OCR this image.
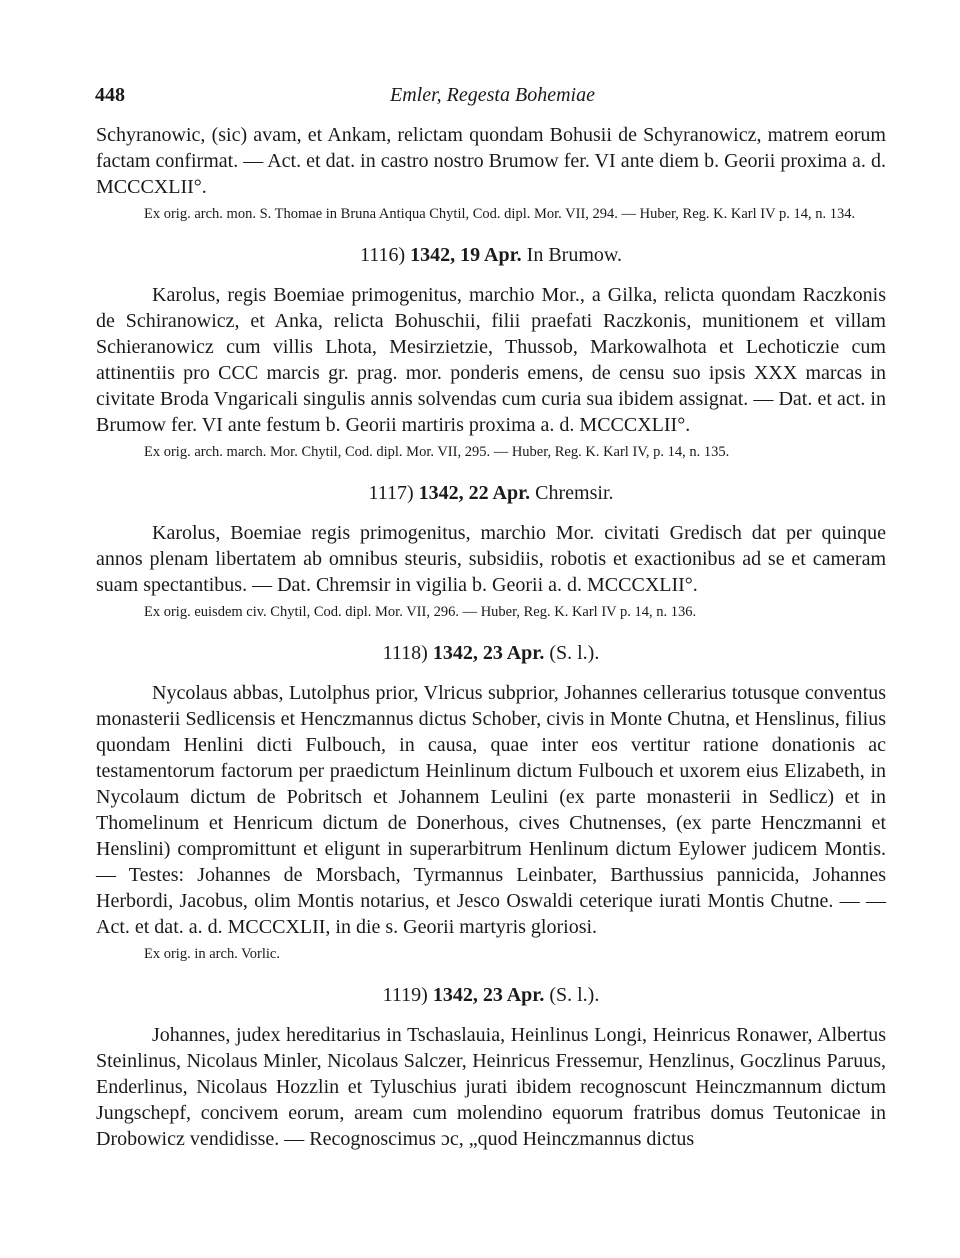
448	Emler, Regesta Bohemiae

Schyranowic, (sic) avam, et Ankam, relictam quondam Bohusii de Schyranowicz, matrem eorum factam confirmat. — Act. et dat. in castro nostro Brumow fer. VI ante diem b. Georii proxima a. d. MCCCXLII°.

Ex orig. arch. mon. S. Thomae in Bruna Antiqua Chytil, Cod. dipl. Mor. VII, 294. — Huber, Reg. K. Karl IV p. 14, n. 134.

1116) 1342, 19 Apr. In Brumow.

Karolus, regis Boemiae primogenitus, marchio Mor., a Gilka, relicta quondam Raczkonis de Schiranowicz, et Anka, relicta Bohuschii, filii praefati Raczkonis, munitionem et villam Schieranowicz cum villis Lhota, Mesirzietzie, Thussob, Markowalhota et Lechoticzie cum attinentiis pro CCC marcis gr. prag. mor. ponderis emens, de censu suo ipsis XXX marcas in civitate Broda Vngaricali singulis annis solvendas cum curia sua ibidem assignat. — Dat. et act. in Brumow fer. VI ante festum b. Georii martiris proxima a. d. MCCCXLII°.

Ex orig. arch. march. Mor. Chytil, Cod. dipl. Mor. VII, 295. — Huber, Reg. K. Karl IV, p. 14, n. 135.

1117) 1342, 22 Apr. Chremsir.

Karolus, Boemiae regis primogenitus, marchio Mor. civitati Gredisch dat per quinque annos plenam libertatem ab omnibus steuris, subsidiis, robotis et exactionibus ad se et cameram suam spectantibus. — Dat. Chremsir in vigilia b. Georii a. d. MCCCXLII°.

Ex orig. euisdem civ. Chytil, Cod. dipl. Mor. VII, 296. — Huber, Reg. K. Karl IV p. 14, n. 136.

1118) 1342, 23 Apr. (S. l.).

Nycolaus abbas, Lutolphus prior, Vlricus subprior, Johannes cellerarius totusque conventus monasterii Sedlicensis et Henczmannus dictus Schober, civis in Monte Chutna, et Henslinus, filius quondam Henlini dicti Fulbouch, in causa, quae inter eos vertitur ratione donationis ac testamentorum factorum per praedictum Heinlinum dictum Fulbouch et uxorem eius Elizabeth, in Nycolaum dictum de Pobritsch et Johannem Leulini (ex parte monasterii in Sedlicz) et in Thomelinum et Henricum dictum de Donerhous, cives Chutnenses, (ex parte Henczmanni et Henslini) compromittunt et eligunt in superarbitrum Henlinum dictum Eylower judicem Montis. — Testes: Johannes de Morsbach, Tyrmannus Leinbater, Barthussius pannicida, Johannes Herbordi, Jacobus, olim Montis notarius, et Jesco Oswaldi ceterique iurati Montis Chutne. — — Act. et dat. a. d. MCCCXLII, in die s. Georii martyris gloriosi.

Ex orig. in arch. Vorlic.

1119) 1342, 23 Apr. (S. l.).

Johannes, judex hereditarius in Tschaslauia, Heinlinus Longi, Heinricus Ronawer, Albertus Steinlinus, Nicolaus Minler, Nicolaus Salczer, Heinricus Fressemur, Henzlinus, Goczlinus Paruus, Enderlinus, Nicolaus Hozzlin et Tyluschius jurati ibidem recognoscunt Heinczmannum dictum Jungschepf, concivem eorum, aream cum molendino equorum fratribus domus Teutonicae in Drobowicz vendidisse. — Recognoscimus ɔc, „quod Heinczmannus dictus
